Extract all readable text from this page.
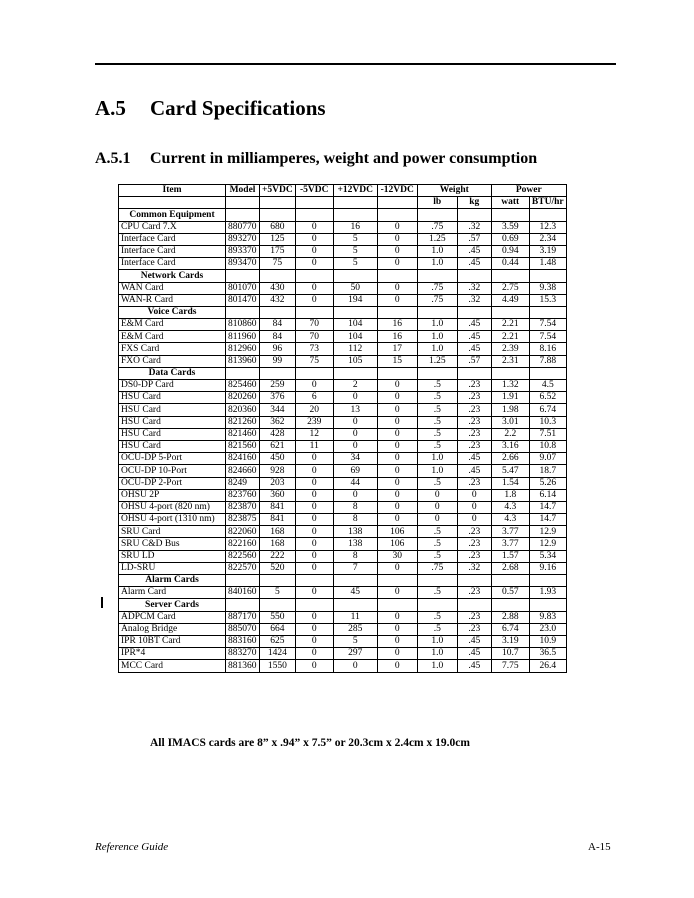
A.5 Card Specifications
A.5.1 Current in milliamperes, weight and power consumption
Item	Model	+5VDC	-5VDC	+12VDC	-12VDC	Weight		Power	
						lb	kg	watt	BTU/hr
Common Equipment									
CPU Card 7.X	880770	680	0	16	0	.75	.32	3.59	12.3
Interface Card	893270	125	0	5	0	1.25	.57	0.69	2.34
Interface Card	893370	175	0	5	0	1.0	.45	0.94	3.19
Interface Card	893470	75	0	5	0	1.0	.45	0.44	1.48
Network Cards									
WAN Card	801070	430	0	50	0	.75	.32	2.75	9.38
WAN-R Card	801470	432	0	194	0	.75	.32	4.49	15.3
Voice Cards									
E&M Card	810860	84	70	104	16	1.0	.45	2.21	7.54
E&M Card	811960	84	70	104	16	1.0	.45	2.21	7.54
FXS Card	812960	96	73	112	17	1.0	.45	2.39	8.16
FXO Card	813960	99	75	105	15	1.25	.57	2.31	7.88
Data Cards									
DS0-DP Card	825460	259	0	2	0	.5	.23	1.32	4.5
HSU Card	820260	376	6	0	0	.5	.23	1.91	6.52
HSU Card	820360	344	20	13	0	.5	.23	1.98	6.74
HSU Card	821260	362	239	0	0	.5	.23	3.01	10.3
HSU Card	821460	428	12	0	0	.5	.23	2.2	7.51
HSU Card	821560	621	11	0	0	.5	.23	3.16	10.8
OCU-DP 5-Port	824160	450	0	34	0	1.0	.45	2.66	9.07
OCU-DP 10-Port	824660	928	0	69	0	1.0	.45	5.47	18.7
OCU-DP 2-Port	8249	203	0	44	0	.5	.23	1.54	5.26
OHSU 2P	823760	360	0	0	0	0	0	1.8	6.14
OHSU 4-port (820 nm)	823870	841	0	8	0	0	0	4.3	14.7
OHSU 4-port (1310 nm)	823875	841	0	8	0	0	0	4.3	14.7
SRU Card	822060	168	0	138	106	.5	.23	3.77	12.9
SRU C&D Bus	822160	168	0	138	106	.5	.23	3.77	12.9
SRU LD	822560	222	0	8	30	.5	.23	1.57	5.34
LD-SRU	822570	520	0	7	0	.75	.32	2.68	9.16
Alarm Cards									
Alarm Card	840160	5	0	45	0	.5	.23	0.57	1.93
Server Cards									
ADPCM Card	887170	550	0	11	0	.5	.23	2.88	9.83
Analog Bridge	885070	664	0	285	0	.5	.23	6.74	23.0
IPR 10BT Card	883160	625	0	5	0	1.0	.45	3.19	10.9
IPR*4	883270	1424	0	297	0	1.0	.45	10.7	36.5
MCC Card	881360	1550	0	0	0	1.0	.45	7.75	26.4
All IMACS cards are 8” x .94” x 7.5” or 20.3cm x 2.4cm x 19.0cm
Reference Guide	A-15
